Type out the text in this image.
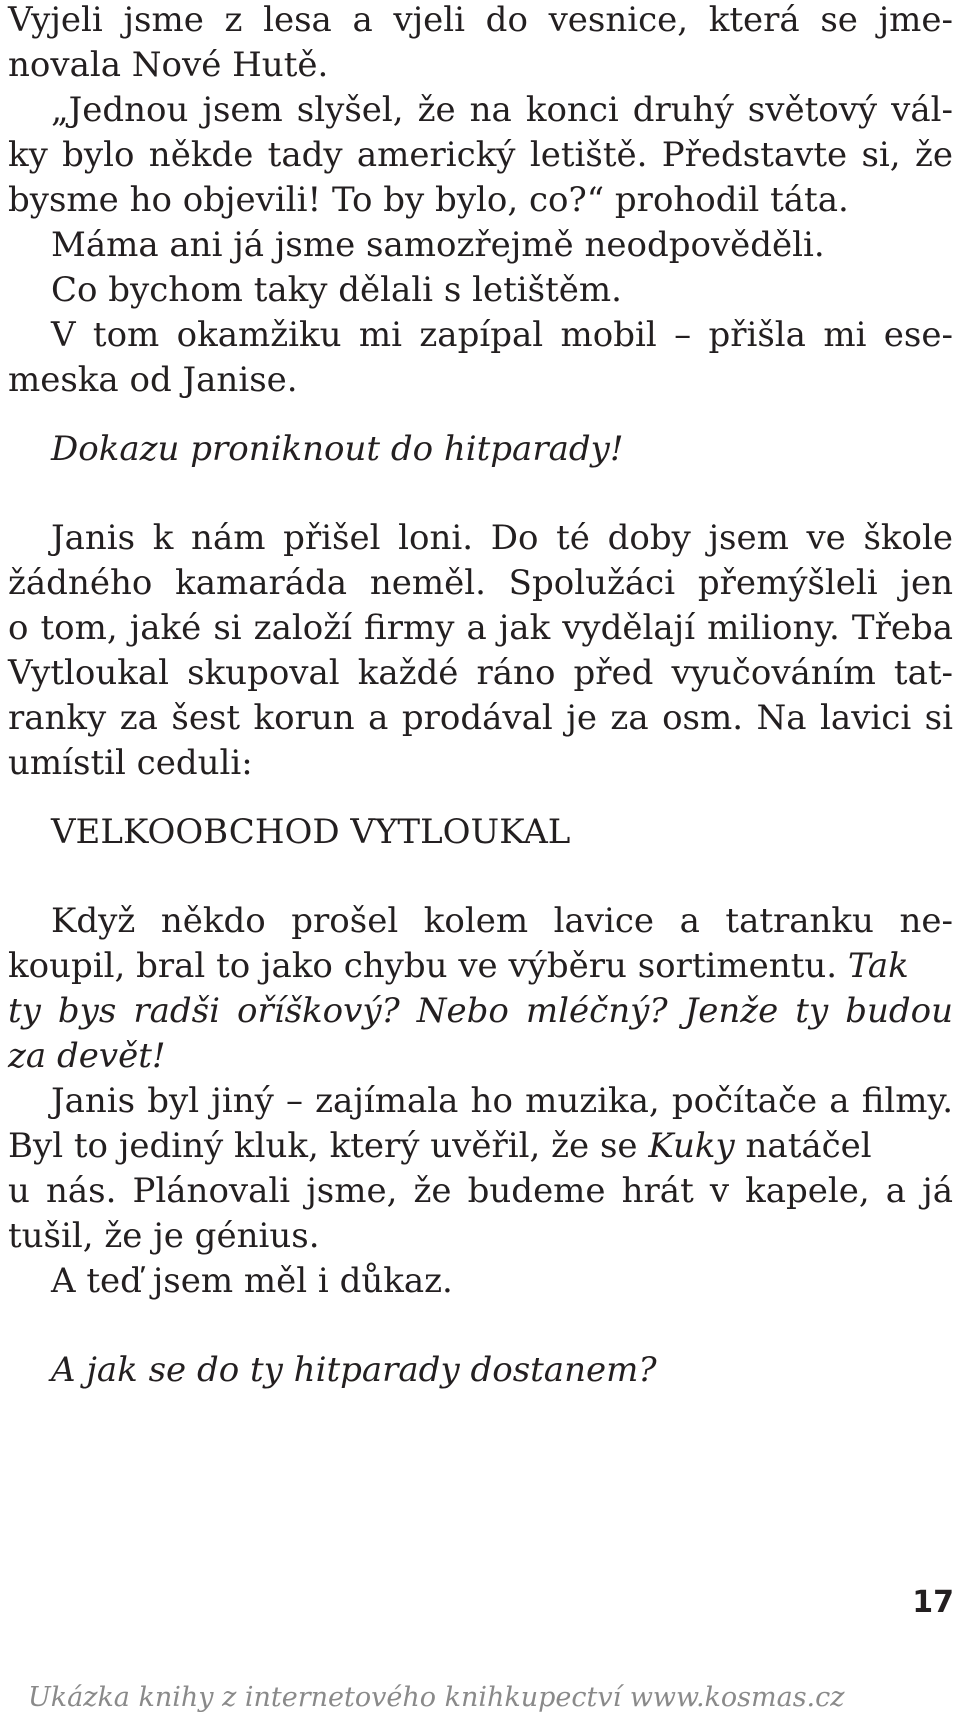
Vyjeli jsme z lesa a vjeli do vesnice, která se jme-
novala Nové Hutě.
„Jednou jsem slyšel, že na konci druhý světový vál-
ky bylo někde tady americký letiště. Představte si, že
bysme ho objevili! To by bylo, co?“ prohodil táta.
Máma ani já jsme samozřejmě neodpověděli.
Co bychom taky dělali s letištěm.
V tom okamžiku mi zapípal mobil – přišla mi ese-
meska od Janise.
Dokazu proniknout do hitparady!
Janis k nám přišel loni. Do té doby jsem ve škole
žádného kamaráda neměl. Spolužáci přemýšleli jen
o tom, jaké si založí firmy a jak vydělají miliony. Třeba
Vytloukal skupoval každé ráno před vyučováním tat-
ranky za šest korun a prodával je za osm. Na lavici si
umístil ceduli:
VELKOOBCHOD VYTLOUKAL
Když někdo prošel kolem lavice a tatranku ne-
koupil, bral to jako chybu ve výběru sortimentu. Tak
ty bys radši oříškový? Nebo mléčný? Jenže ty budou
za devět!
Janis byl jiný – zajímala ho muzika, počítače a filmy.
Byl to jediný kluk, který uvěřil, že se Kuky natáčel
u nás. Plánovali jsme, že budeme hrát v kapele, a já
tušil, že je génius.
A teď jsem měl i důkaz.
A jak se do ty hitparady dostanem?
17
Ukázka knihy z internetového knihkupectví www.kosmas.cz
